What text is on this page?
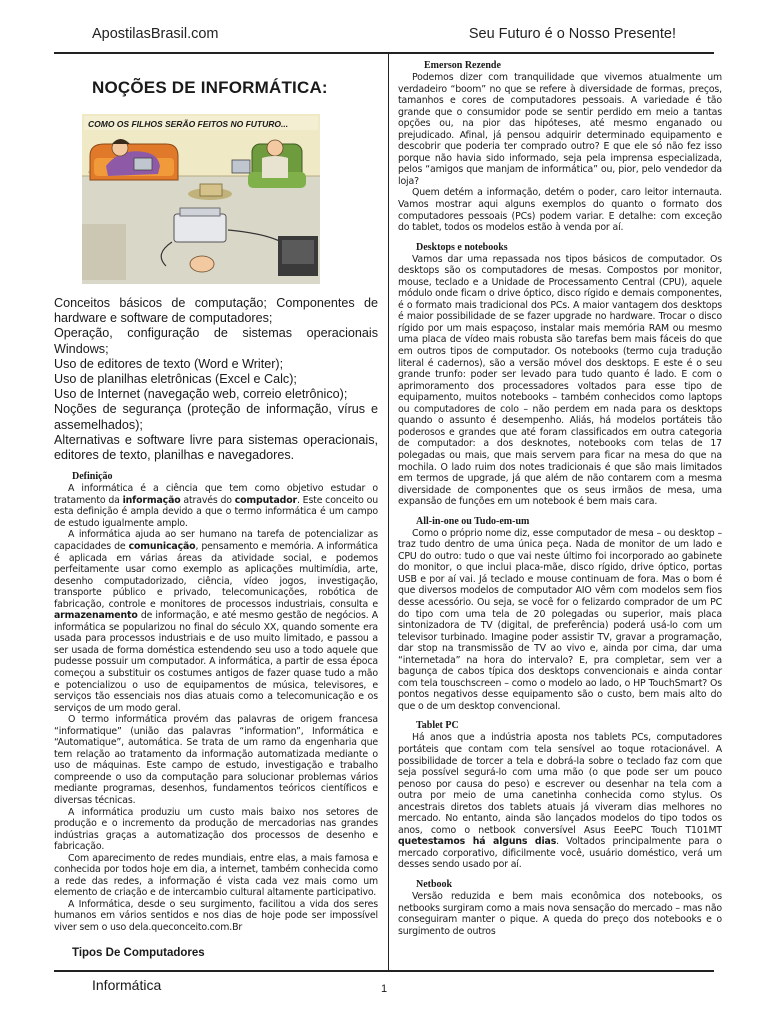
ApostilasBrasil.com	Seu Futuro é o Nosso Presente!
Informática	1
NOÇÕES DE INFORMÁTICA:
COMO OS FILHOS SERÃO FEITOS NO FUTURO...
Conceitos básicos de computação; Componentes de hardware e software de computadores;
Operação, configuração de sistemas operacionais Windows;
Uso de editores de texto (Word e Writer);
Uso de planilhas eletrônicas (Excel e Calc);
Uso de Internet (navegação web, correio eletrônico);
Noções de segurança (proteção de informação, vírus e assemelhados);
Alternativas e software livre para sistemas operacionais, editores de texto, planilhas e navegadores.
Definição

A informática é a ciência que tem como objetivo estudar o tratamento da informação através do computador. Este conceito ou esta definição é ampla devido a que o termo informática é um campo de estudo igualmente amplo.

A informática ajuda ao ser humano na tarefa de potencializar as capacidades de comunicação, pensamento e memória. A informática é aplicada em várias áreas da atividade social, e podemos perfeitamente usar como exemplo as aplicações multimídia, arte, desenho computadorizado, ciência, vídeo jogos, investigação, transporte público e privado, telecomunicações, robótica de fabricação, controle e monitores de processos industriais, consulta e armazenamento de informação, e até mesmo gestão de negócios. A informática se popularizou no final do século XX, quando somente era usada para processos industriais e de uso muito limitado, e passou a ser usada de forma doméstica estendendo seu uso a todo aquele que pudesse possuir um computador. A informática, a partir de essa época começou a substituir os costumes antigos de fazer quase tudo a mão e potencializou o uso de equipamentos de música, televisores, e serviços tão essenciais nos dias atuais como a telecomunicação e os serviços de um modo geral.

O termo informática provém das palavras de origem francesa “informatique” (união das palavras “information”, Informática e “Automatique”, automática. Se trata de um ramo da engenharia que tem relação ao tratamento da informação automatizada mediante o uso de máquinas. Este campo de estudo, investigação e trabalho compreende o uso da computação para solucionar problemas vários mediante programas, desenhos, fundamentos teóricos científicos e diversas técnicas.

A informática produziu um custo mais baixo nos setores de produção e o incremento da produção de mercadorias nas grandes indústrias graças a automatização dos processos de desenho e fabricação.

Com aparecimento de redes mundiais, entre elas, a mais famosa e conhecida por todos hoje em dia, a internet, também conhecida como a rede das redes, a informação é vista cada vez mais como um elemento de criação e de intercambio cultural altamente participativo.

A Informática, desde o seu surgimento, facilitou a vida dos seres humanos em vários sentidos e nos dias de hoje pode ser impossível viver sem o uso dela.queconceito.com.Br

Tipos De Computadores
Emerson Rezende

Podemos dizer com tranquilidade que vivemos atualmente um verdadeiro “boom” no que se refere à diversidade de formas, preços, tamanhos e cores de computadores pessoais. A variedade é tão grande que o consumidor pode se sentir perdido em meio a tantas opções ou, na pior das hipóteses, até mesmo enganado ou prejudicado. Afinal, já pensou adquirir determinado equipamento e descobrir que poderia ter comprado outro? E que ele só não fez isso porque não havia sido informado, seja pela imprensa especializada, pelos “amigos que manjam de informática” ou, pior, pelo vendedor da loja?

Quem detém a informação, detém o poder, caro leitor internauta. Vamos mostrar aqui alguns exemplos do quanto o formato dos computadores pessoais (PCs) podem variar. E detalhe: com exceção do tablet, todos os modelos estão à venda por aí.

Desktops e notebooks

Vamos dar uma repassada nos tipos básicos de computador. Os desktops são os computadores de mesas. Compostos por monitor, mouse, teclado e a Unidade de Processamento Central (CPU), aquele módulo onde ficam o drive óptico, disco rígido e demais componentes, é o formato mais tradicional dos PCs. A maior vantagem dos desktops é maior possibilidade de se fazer upgrade no hardware. Trocar o disco rígido por um mais espaçoso, instalar mais memória RAM ou mesmo uma placa de vídeo mais robusta são tarefas bem mais fáceis do que em outros tipos de computador. Os notebooks (termo cuja tradução literal é cadernos), são a versão móvel dos desktops. E este é o seu grande trunfo: poder ser levado para tudo quanto é lado. E com o aprimoramento dos processadores voltados para esse tipo de equipamento, muitos notebooks – também conhecidos como laptops ou computadores de colo – não perdem em nada para os desktops quando o assunto é desempenho. Aliás, há modelos portáteis tão poderosos e grandes que até foram classificados em outra categoria de computador: a dos desknotes, notebooks com telas de 17 polegadas ou mais, que mais servem para ficar na mesa do que na mochila. O lado ruim dos notes tradicionais é que são mais limitados em termos de upgrade, já que além de não contarem com a mesma diversidade de componentes que os seus irmãos de mesa, uma expansão de funções em um notebook é bem mais cara.

All-in-one ou Tudo-em-um

Como o próprio nome diz, esse computador de mesa – ou desktop – traz tudo dentro de uma única peça. Nada de monitor de um lado e CPU do outro: tudo o que vai neste último foi incorporado ao gabinete do monitor, o que inclui placa-mãe, disco rígido, drive óptico, portas USB e por aí vai. Já teclado e mouse continuam de fora. Mas o bom é que diversos modelos de computador AIO vêm com modelos sem fios desse acessório. Ou seja, se você for o felizardo comprador de um PC do tipo com uma tela de 20 polegadas ou superior, mais placa sintonizadora de TV (digital, de preferência) poderá usá-lo com um televisor turbinado. Imagine poder assistir TV, gravar a programação, dar stop na transmissão de TV ao vivo e, ainda por cima, dar uma “internetada” na hora do intervalo? E, pra completar, sem ver a bagunça de cabos típica dos desktops convencionais e ainda contar com tela touschscreen – como o modelo ao lado, o HP TouchSmart? Os pontos negativos desse equipamento são o custo, bem mais alto do que o de um desktop convencional.

Tablet PC

Há anos que a indústria aposta nos tablets PCs, computadores portáteis que contam com tela sensível ao toque rotacionável. A possibilidade de torcer a tela e dobrá-la sobre o teclado faz com que seja possível segurá-lo com uma mão (o que pode ser um pouco penoso por causa do peso) e escrever ou desenhar na tela com a outra por meio de uma canetinha conhecida como stylus. Os ancestrais diretos dos tablets atuais já viveram dias melhores no mercado. No entanto, ainda são lançados modelos do tipo todos os anos, como o netbook conversível Asus EeePC Touch T101MT quetestamos há alguns dias. Voltados principalmente para o mercado corporativo, dificilmente você, usuário doméstico, verá um desses sendo usado por aí.

Netbook

Versão reduzida e bem mais econômica dos notebooks, os netbooks surgiram como a mais nova sensação do mercado – mas não conseguiram manter o pique. A queda do preço dos notebooks e o surgimento de outros
